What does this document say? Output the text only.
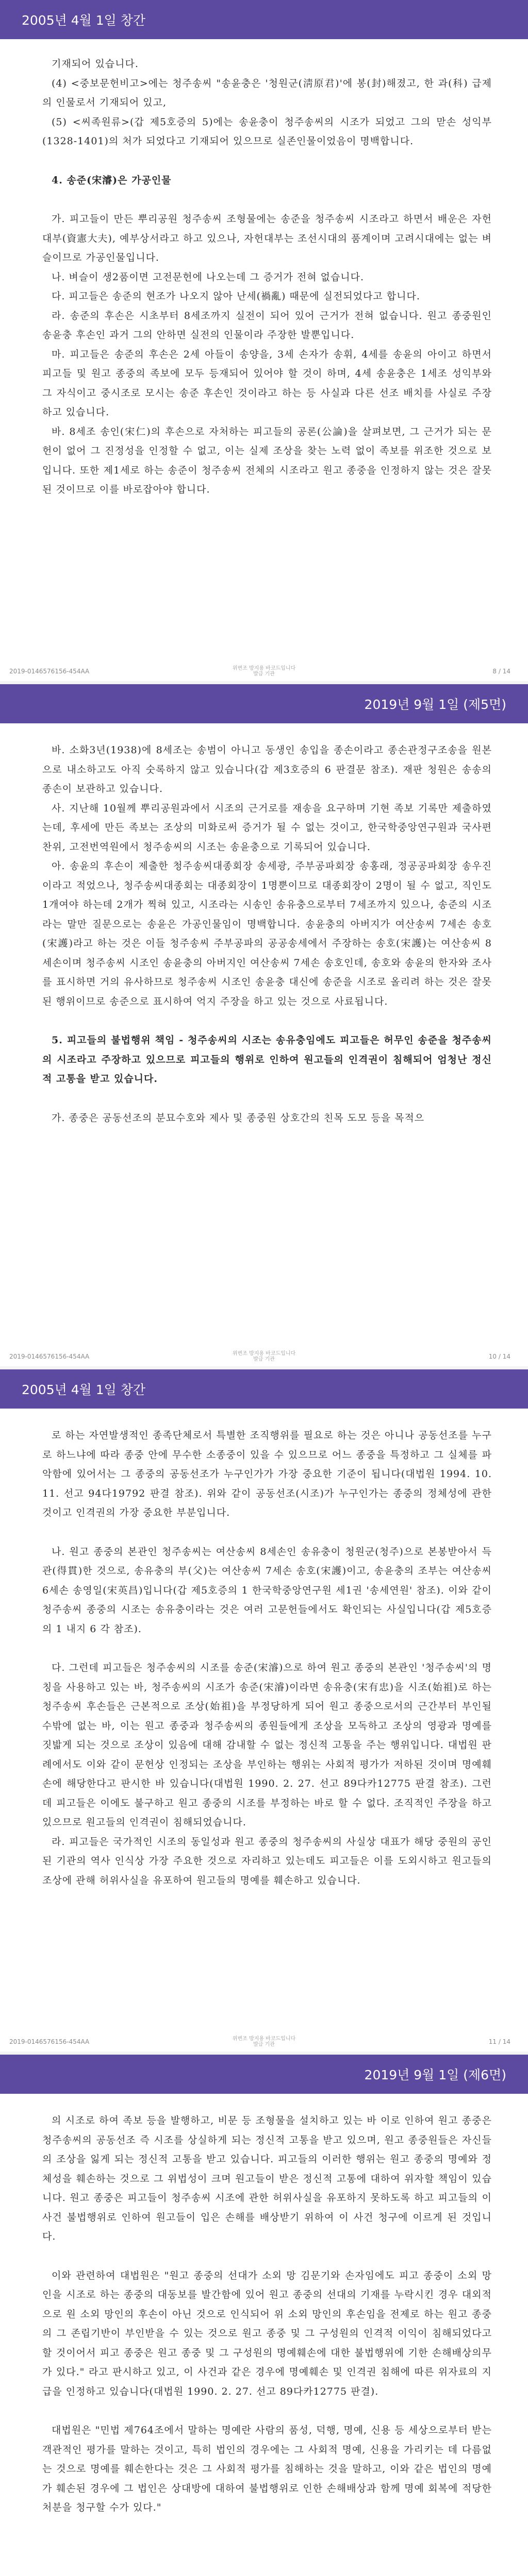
2005년 4월 1일 창간

기재되어 있습니다.

(4) <중보문헌비고>에는 청주송씨 "송윤충은 '청원군(淸原君)'에 봉(封)해졌고, 한 과(科) 급제의 인물로서 기재되어 있고,

(5) <씨족원류>(갑 제5호증의 5)에는 송윤충이 청주송씨의 시조가 되었고 그의 맏손 성익부(1328-1401)의 처가 되었다고 기재되어 있으므로 실존인물이었음이 명백합니다.

4. 송준(宋濬)은 가공인물

가. 피고들이 만든 뿌리공원 청주송씨 조형물에는 송준을 청주송씨 시조라고 하면서 배운은 자헌대부(資憲大夫), 예부상서라고 하고 있으나, 자헌대부는 조선시대의 품계이며 고려시대에는 없는 벼슬이므로 가공인물입니다.

나. 벼슬이 생2품이면 고전문헌에 나오는데 그 증거가 전혀 없습니다.

다. 피고들은 송준의 현조가 나오지 않아 난세(禍亂) 때문에 실전되었다고 합니다.

라. 송준의 후손은 시초부터 8세조까지 실전이 되어 있어 근거가 전혀 없습니다. 원고 종중원인 송윤충 후손인 과거 그의 안하면 실전의 인물이라 주장한 발뿐입니다.

마. 피고들은 송준의 후손은 2세 아들이 송양을, 3세 손자가 송휘, 4세를 송윤의 아이고 하면서 피고들 및 원고 종중의 족보에 모두 등재되어 있어야 할 것이 하며, 4세 송윤충은 1세조 성익부와 그 자식이고 중시조로 모시는 송준 후손인 것이라고 하는 등 사실과 다른 선조 배치를 사실로 주장하고 있습니다.

바. 8세조 송인(宋仁)의 후손으로 자처하는 피고들의 공론(公論)을 살펴보면, 그 근거가 되는 문헌이 없어 그 진정성을 인정할 수 없고, 이는 실제 조상을 찾는 노력 없이 족보를 위조한 것으로 보입니다. 또한 제1세로 하는 송준이 청주송씨 전체의 시조라고 원고 종중을 인정하지 않는 것은 잘못된 것이므로 이를 바로잡아야 합니다.

2019-0146576156-454AA	위변조 방지용 바코드입니다
발급 기관	8 / 14
2019년 9월 1일 (제5면)

바. 소화3년(1938)에 8세조는 송범이 아니고 동생인 송입을 종손이라고 종손관정구조송을 원본으로 내소하고도 아직 숫록하지 않고 있습니다(갑 제3호증의 6 판결문 참조). 재판 청원은 송송의 종손이 보관하고 있습니다.

사. 지난해 10월께 뿌리공원과에서 시조의 근거로를 재송을 요구하며 기현 족보 기록만 제출하였는데, 후세에 만든 족보는 조상의 미화로써 증거가 될 수 없는 것이고, 한국학중앙연구원과 국사편찬위, 고전번역원에서 청주송씨의 시조는 송윤충으로 기록되어 있습니다.

아. 송윤의 후손이 제출한 청주송씨대종회장 송세광, 주부공파회장 송홍래, 정공공파회장 송우진이라고 적었으나, 청주송씨대종회는 대종회장이 1명뿐이므로 대종회장이 2명이 될 수 없고, 직인도 1개여야 하는데 2개가 찍혀 있고, 시조라는 시송인 송유충으로부터 7세조까지 있으나, 송준의 시조라는 말만 질문으로는 송윤은 가공인물임이 명백합니다. 송윤충의 아버지가 여산송씨 7세손 송호(宋護)라고 하는 것은 이들 청주송씨 주부공파의 공공송세에서 주장하는 송호(宋護)는 여산송씨 8세손이며 청주송씨 시조인 송윤충의 아버지인 여산송씨 7세손 송호인데, 송호와 송윤의 한자와 조사를 표시하면 거의 유사하므로 청주송씨 시조인 송윤충 대신에 송준을 시조로 올리려 하는 것은 잘못된 행위이므로 송준으로 표시하여 억지 주장을 하고 있는 것으로 사료됩니다.

5. 피고들의 불법행위 책임 - 청주송씨의 시조는 송유충임에도 피고들은 허무인 송준을 청주송씨의 시조라고 주장하고 있으므로 피고들의 행위로 인하여 원고들의 인격권이 침해되어 엄청난 정신적 고통을 받고 있습니다.

가. 종중은 공동선조의 분묘수호와 제사 및 종중원 상호간의 친목 도모 등을 목적으

2019-0146576156-454AA	위변조 방지용 바코드입니다
발급 기관	10 / 14
2005년 4월 1일 창간

로 하는 자연발생적인 종족단체로서 특별한 조직행위를 필요로 하는 것은 아니나 공동선조를 누구로 하느냐에 따라 종중 안에 무수한 소종중이 있을 수 있으므로 어느 종중을 특정하고 그 실체를 파악함에 있어서는 그 종중의 공동선조가 누구인가가 가장 중요한 기준이 됩니다(대법원 1994. 10. 11. 선고 94다19792 판결 참조). 위와 같이 공동선조(시조)가 누구인가는 종중의 정체성에 관한 것이고 인격권의 가장 중요한 부분입니다.

나. 원고 종중의 본관인 청주송씨는 여산송씨 8세손인 송유충이 청원군(청주)으로 본봉받아서 득관(得貫)한 것으로, 송유충의 부(父)는 여산송씨 7세손 송호(宋護)이고, 송윤충의 조부는 여산송씨 6세손 송영일(宋英昌)입니다(갑 제5호증의 1 한국학중앙연구원 세1권 '송세연원' 참조). 이와 같이 청주송씨 종중의 시조는 송유충이라는 것은 여러 고문헌들에서도 확인되는 사실입니다(갑 제5호증의 1 내지 6 각 참조).

다. 그런데 피고들은 청주송씨의 시조를 송준(宋濬)으로 하여 원고 종중의 본관인 '청주송씨'의 명칭을 사용하고 있는 바, 청주송씨의 시조가 송준(宋濬)이라면 송유충(宋有忠)을 시조(始祖)로 하는 청주송씨 후손들은 근본적으로 조상(始祖)을 부정당하게 되어 원고 종중으로서의 근간부터 부인될 수밖에 없는 바, 이는 원고 종중과 청주송씨의 종원들에게 조상을 모독하고 조상의 영광과 명예를 짓밟게 되는 것으로 조상이 있음에 대해 감내할 수 없는 정신적 고통을 주는 행위입니다. 대법원 판례에서도 이와 같이 문헌상 인정되는 조상을 부인하는 행위는 사회적 평가가 저하된 것이며 명예훼손에 해당한다고 판시한 바 있습니다(대법원 1990. 2. 27. 선고 89다카12775 판결 참조). 그런데 피고들은 이에도 불구하고 원고 종중의 시조를 부정하는 바로 할 수 없다. 조직적인 주장을 하고 있으므로 원고들의 인격권이 침해되었습니다.

라. 피고들은 국가적인 시조의 동일성과 원고 종중의 청주송씨의 사실상 대표가 해당 중원의 공인된 기관의 역사 인식상 가장 주요한 것으로 자리하고 있는데도 피고들은 이를 도외시하고 원고들의 조상에 관해 허위사실을 유포하여 원고들의 명예를 훼손하고 있습니다.

2019-0146576156-454AA	위변조 방지용 바코드입니다
발급 기관	11 / 14
2019년 9월 1일 (제6면)

의 시조로 하여 족보 등을 발행하고, 비문 등 조형물을 설치하고 있는 바 이로 인하여 원고 종중은 청주송씨의 공동선조 즉 시조를 상실하게 되는 정신적 고통을 받고 있으며, 원고 종중원들은 자신들의 조상을 잃게 되는 정신적 고통을 받고 있습니다. 피고들의 이러한 행위는 원고 종중의 명예와 정체성을 훼손하는 것으로 그 위법성이 크며 원고들이 받은 정신적 고통에 대하여 위자할 책임이 있습니다. 원고 종중은 피고들이 청주송씨 시조에 관한 허위사실을 유포하지 못하도록 하고 피고들의 이 사건 불법행위로 인하여 원고들이 입은 손해를 배상받기 위하여 이 사건 청구에 이르게 된 것입니다.

이와 관련하여 대법원은 "원고 종중의 선대가 소외 망 김문기와 손자임에도 피고 종중이 소외 망인을 시조로 하는 종중의 대동보를 발간함에 있어 원고 종중의 선대의 기재를 누락시킨 경우 대외적으로 원 소외 망인의 후손이 아닌 것으로 인식되어 위 소외 망인의 후손임을 전제로 하는 원고 종중의 그 존립기반이 부인받을 수 있는 것으로 원고 종중 및 그 구성원의 인격적 이익이 침해되었다고 할 것이어서 피고 종중은 원고 종중 및 그 구성원의 명예훼손에 대한 불법행위에 기한 손해배상의무가 있다." 라고 판시하고 있고, 이 사건과 같은 경우에 명예훼손 및 인격권 침해에 따른 위자료의 지급을 인정하고 있습니다(대법원 1990. 2. 27. 선고 89다카12775 판결).

대법원은 "민법 제764조에서 말하는 명예란 사람의 품성, 덕행, 명예, 신용 등 세상으로부터 받는 객관적인 평가를 말하는 것이고, 특히 법인의 경우에는 그 사회적 명예, 신용을 가리키는 데 다름없는 것으로 명예를 훼손한다는 것은 그 사회적 평가를 침해하는 것을 말하고, 이와 같은 법인의 명예가 훼손된 경우에 그 법인은 상대방에 대하여 불법행위로 인한 손해배상과 함께 명예 회복에 적당한 처분을 청구할 수가 있다."
